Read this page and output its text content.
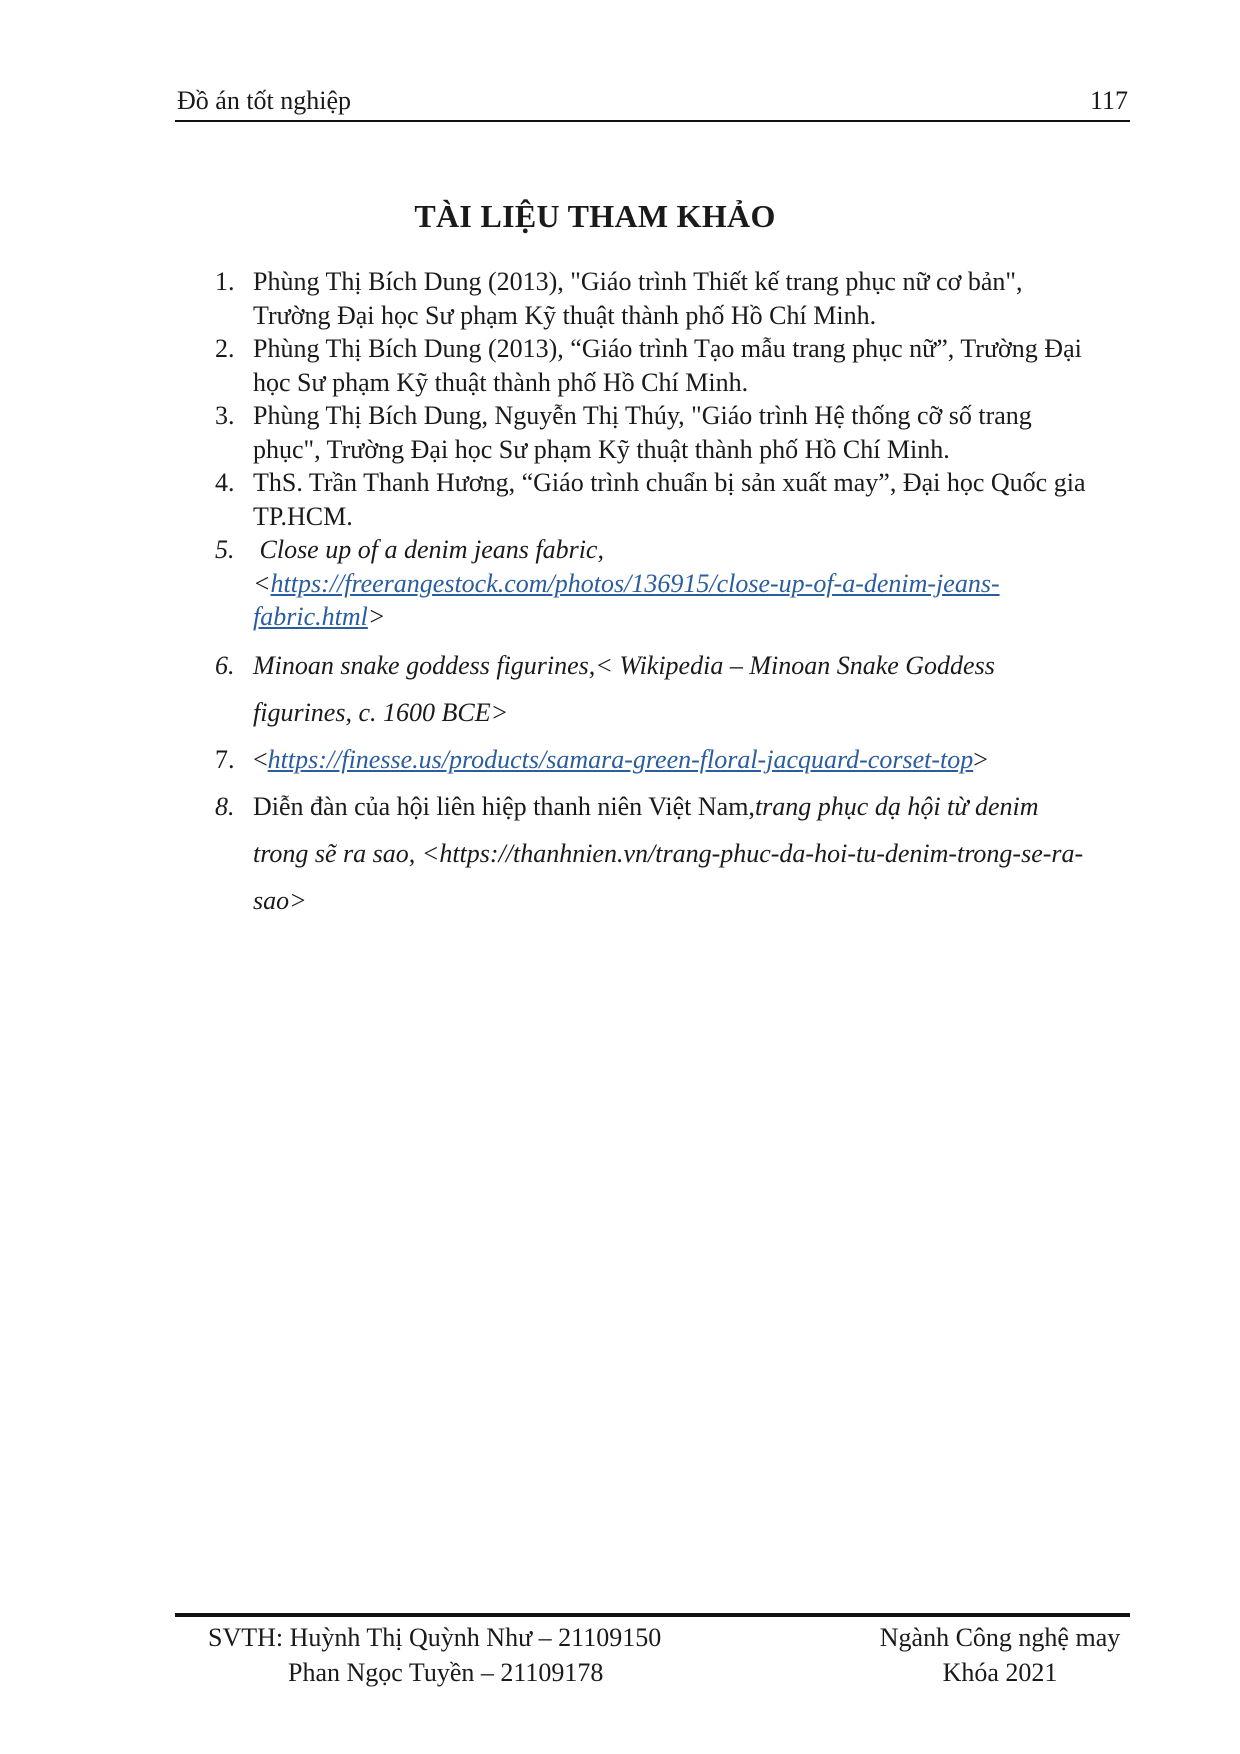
Đồ án tốt nghiệp	117
TÀI LIỆU THAM KHẢO
1. Phùng Thị Bích Dung (2013), "Giáo trình Thiết kế trang phục nữ cơ bản",
Trường Đại học Sư phạm Kỹ thuật thành phố Hồ Chí Minh.
2. Phùng Thị Bích Dung (2013), “Giáo trình Tạo mẫu trang phục nữ”, Trường Đại
học Sư phạm Kỹ thuật thành phố Hồ Chí Minh.
3. Phùng Thị Bích Dung, Nguyễn Thị Thúy, "Giáo trình Hệ thống cỡ số trang
phục", Trường Đại học Sư phạm Kỹ thuật thành phố Hồ Chí Minh.
4. ThS. Trần Thanh Hương, “Giáo trình chuẩn bị sản xuất may”, Đại học Quốc gia
TP.HCM.
5. Close up of a denim jeans fabric,
<https://freerangestock.com/photos/136915/close-up-of-a-denim-jeans-
fabric.html>
6. Minoan snake goddess figurines,< Wikipedia – Minoan Snake Goddess
figurines, c. 1600 BCE>
7. <https://finesse.us/products/samara-green-floral-jacquard-corset-top>
8. Diễn đàn của hội liên hiệp thanh niên Việt Nam,trang phục dạ hội từ denim
trong sẽ ra sao, <https://thanhnien.vn/trang-phuc-da-hoi-tu-denim-trong-se-ra-
sao>
SVTH: Huỳnh Thị Quỳnh Như – 21109150
Phan Ngọc Tuyền – 21109178
Ngành Công nghệ may
Khóa 2021
